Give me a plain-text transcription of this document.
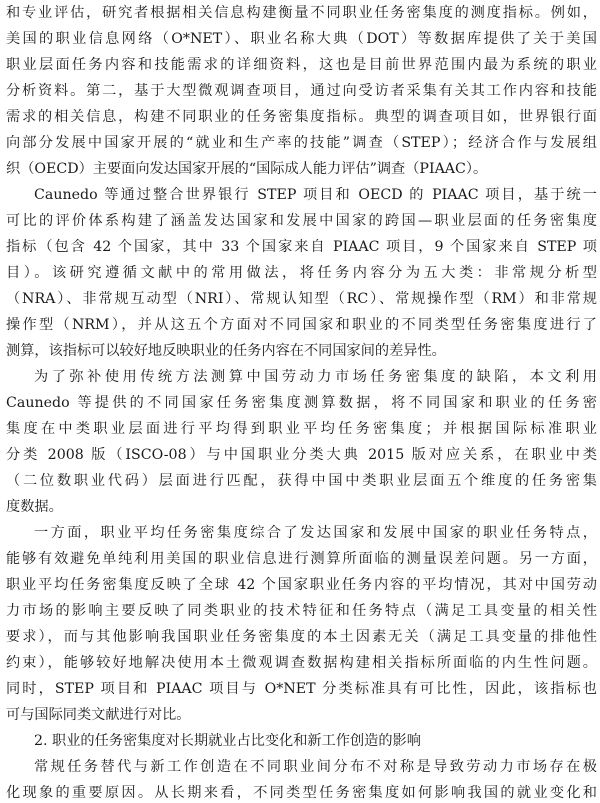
和专业评估，研究者根据相关信息构建衡量不同职业任务密集度的测度指标。例如，
美国的职业信息网络（O*NET）、职业名称大典（DOT）等数据库提供了关于美国
职业层面任务内容和技能需求的详细资料，这也是目前世界范围内最为系统的职业
分析资料。第二，基于大型微观调查项目，通过向受访者采集有关其工作内容和技能
需求的相关信息，构建不同职业的任务密集度指标。典型的调查项目如，世界银行面
向部分发展中国家开展的“就业和生产率的技能”调查（STEP）；经济合作与发展组
织（OECD）主要面向发达国家开展的“国际成人能力评估”调查（PIAAC）。
Caunedo 等通过整合世界银行 STEP 项目和 OECD 的 PIAAC 项目，基于统一
可比的评价体系构建了涵盖发达国家和发展中国家的跨国—职业层面的任务密集度
指标（包含 42 个国家，其中 33 个国家来自 PIAAC 项目，9 个国家来自 STEP 项
目）。该研究遵循文献中的常用做法，将任务内容分为五大类：非常规分析型
（NRA）、非常规互动型（NRI）、常规认知型（RC）、常规操作型（RM）和非常规
操作型（NRM），并从这五个方面对不同国家和职业的不同类型任务密集度进行了
测算，该指标可以较好地反映职业的任务内容在不同国家间的差异性。
为了弥补使用传统方法测算中国劳动力市场任务密集度的缺陷，本文利用
Caunedo 等提供的不同国家任务密集度测算数据，将不同国家和职业的任务密
集度在中类职业层面进行平均得到职业平均任务密集度；并根据国际标准职业
分类 2008 版（ISCO-08）与中国职业分类大典 2015 版对应关系，在职业中类
（二位数职业代码）层面进行匹配，获得中国中类职业层面五个维度的任务密集
度数据。
一方面，职业平均任务密集度综合了发达国家和发展中国家的职业任务特点，
能够有效避免单纯利用美国的职业信息进行测算所面临的测量误差问题。另一方面，
职业平均任务密集度反映了全球 42 个国家职业任务内容的平均情况，其对中国劳动
力市场的影响主要反映了同类职业的技术特征和任务特点（满足工具变量的相关性
要求），而与其他影响我国职业任务密集度的本土因素无关（满足工具变量的排他性
约束），能够较好地解决使用本土微观调查数据构建相关指标所面临的内生性问题。
同时，STEP 项目和 PIAAC 项目与 O*NET 分类标准具有可比性，因此，该指标也
可与国际同类文献进行对比。
2. 职业的任务密集度对长期就业占比变化和新工作创造的影响
常规任务替代与新工作创造在不同职业间分布不对称是导致劳动力市场存在极
化现象的重要原因。从长期来看，不同类型任务密集度如何影响我国的就业变化和
